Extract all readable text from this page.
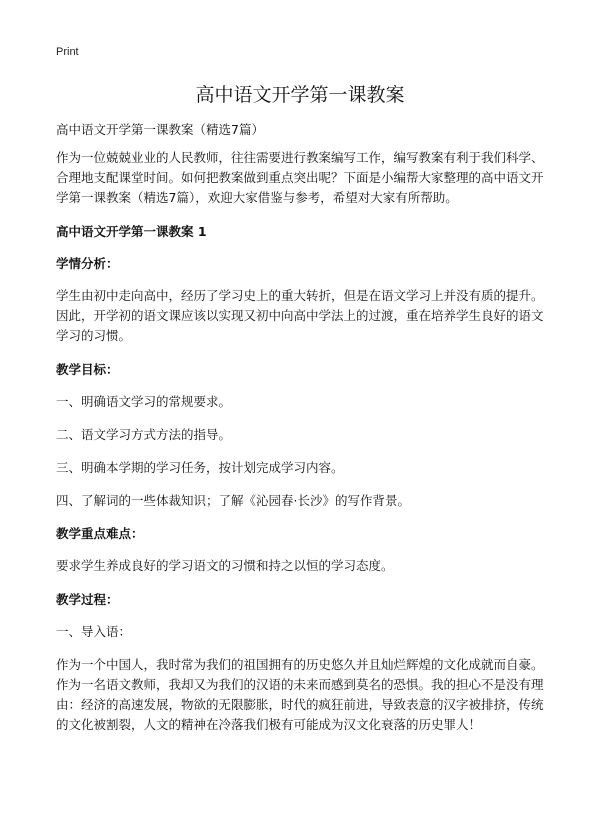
Print
高中语文开学第一课教案

高中语文开学第一课教案（精选7篇）

作为一位兢兢业业的人民教师，往往需要进行教案编写工作，编写教案有利于我们科学、合理地支配课堂时间。如何把教案做到重点突出呢？下面是小编帮大家整理的高中语文开学第一课教案（精选7篇），欢迎大家借鉴与参考，希望对大家有所帮助。

高中语文开学第一课教案 1

学情分析：

学生由初中走向高中，经历了学习史上的重大转折，但是在语文学习上并没有质的提升。因此，开学初的语文课应该以实现又初中向高中学法上的过渡，重在培养学生良好的语文学习的习惯。

教学目标：

一、明确语文学习的常规要求。

二、语文学习方式方法的指导。

三、明确本学期的学习任务，按计划完成学习内容。

四、了解词的一些体裁知识；了解《沁园春·长沙》的写作背景。

教学重点难点：

要求学生养成良好的学习语文的习惯和持之以恒的学习态度。

教学过程：

一、导入语：

作为一个中国人，我时常为我们的祖国拥有的历史悠久并且灿烂辉煌的文化成就而自豪。作为一名语文教师，我却又为我们的汉语的未来而感到莫名的恐惧。我的担心不是没有理由：经济的高速发展，物欲的无限膨胀，时代的疯狂前进，导致表意的汉字被排挤，传统的文化被割裂，人文的精神在冷落我们极有可能成为汉文化衰落的历史罪人！
